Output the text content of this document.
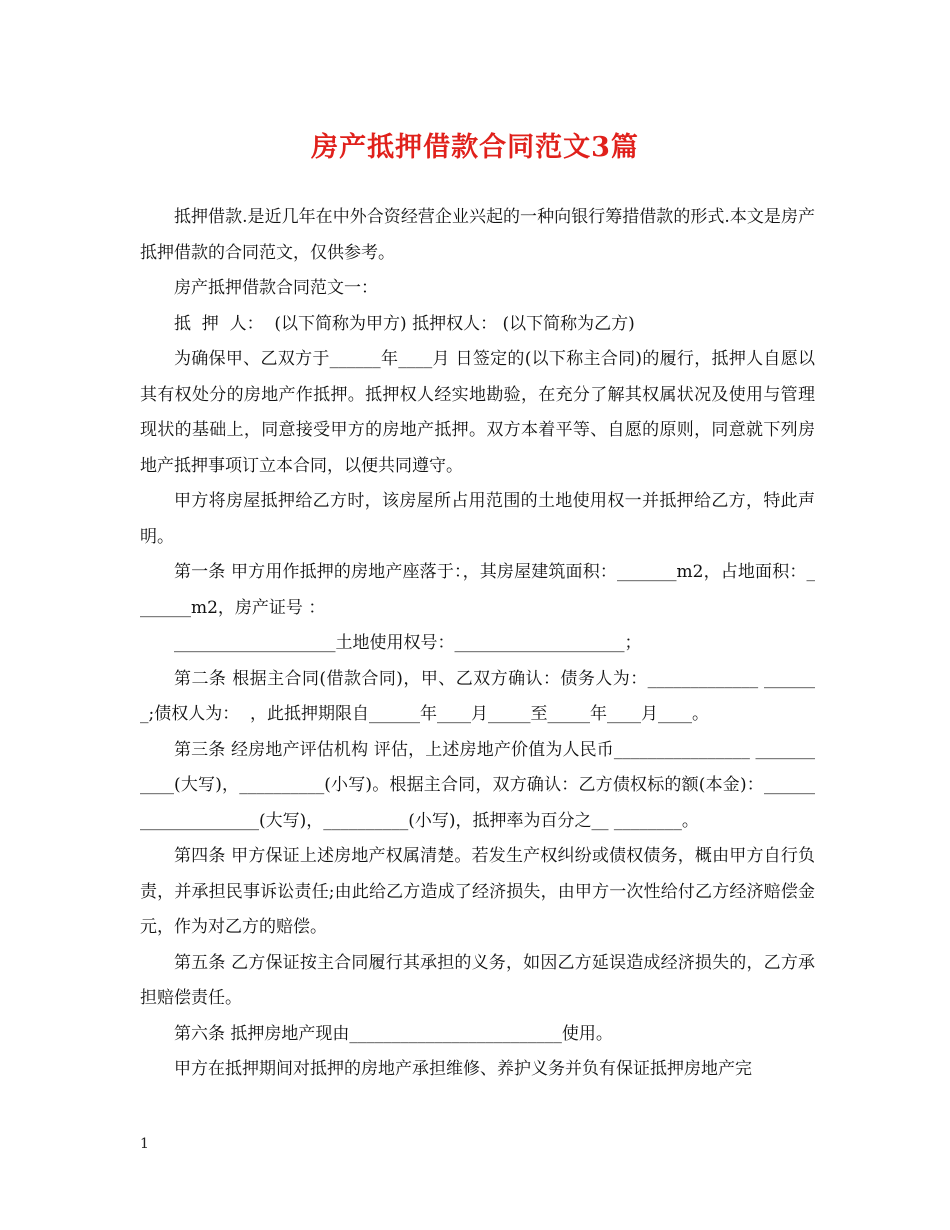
房产抵押借款合同范文3篇

抵押借款.是近几年在中外合资经营企业兴起的一种向银行筹措借款的形式.本文是房产抵押借款的合同范文，仅供参考。

房产抵押借款合同范文一：

抵  押  人：  (以下简称为甲方) 抵押权人： (以下简称为乙方)

为确保甲、乙双方于______年____月 日签定的(以下称主合同)的履行，抵押人自愿以其有权处分的房地产作抵押。抵押权人经实地勘验，在充分了解其权属状况及使用与管理现状的基础上，同意接受甲方的房地产抵押。双方本着平等、自愿的原则，同意就下列房地产抵押事项订立本合同，以便共同遵守。

甲方将房屋抵押给乙方时，该房屋所占用范围的土地使用权一并抵押给乙方，特此声明。

第一条 甲方用作抵押的房地产座落于：，其房屋建筑面积：_______m2，占地面积：_______m2，房产证号 ：

___________________土地使用权号：____________________；

第二条 根据主合同(借款合同)，甲、乙双方确认：债务人为：_____________ _______;债权人为：  ，此抵押期限自______年____月_____至_____年____月____。

第三条 经房地产评估机构 评估，上述房地产价值为人民币________________ ___________(大写)，__________(小写)。根据主合同，双方确认：乙方债权标的额(本金)：____________________(大写)，__________(小写)，抵押率为百分之__ ________。

第四条 甲方保证上述房地产权属清楚。若发生产权纠纷或债权债务，概由甲方自行负责，并承担民事诉讼责任;由此给乙方造成了经济损失，由甲方一次性给付乙方经济赔偿金元，作为对乙方的赔偿。

第五条 乙方保证按主合同履行其承担的义务，如因乙方延误造成经济损失的，乙方承担赔偿责任。

第六条 抵押房地产现由_________________________使用。

甲方在抵押期间对抵押的房地产承担维修、养护义务并负有保证抵押房地产完

1
